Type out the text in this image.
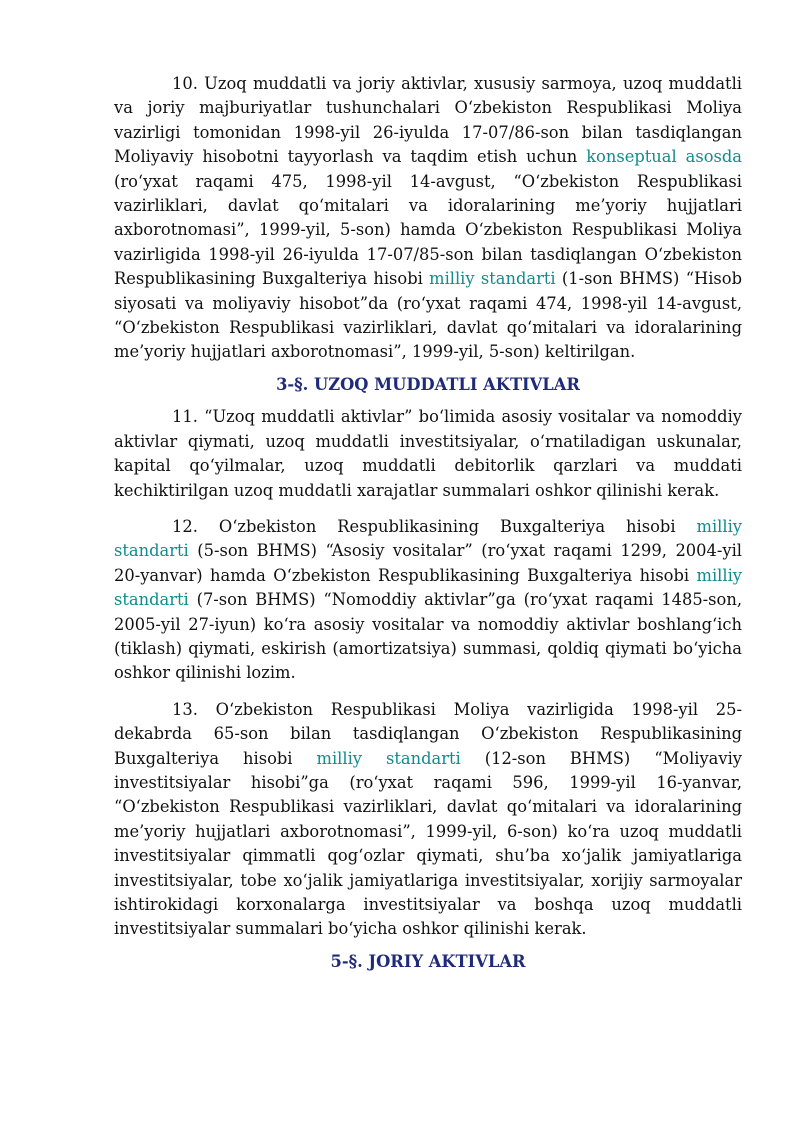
10. Uzoq muddatli va joriy aktivlar, xususiy sarmoya, uzoq muddatli va joriy majburiyatlar tushunchalari O‘zbekiston Respublikasi Moliya vazirligi tomonidan 1998-yil 26-iyulda 17-07/86-son bilan tasdiqlangan Moliyaviy hisobotni tayyorlash va taqdim etish uchun konseptual asosda (ro‘yxat raqami 475, 1998-yil 14-avgust, “O‘zbekiston Respublikasi vazirliklari, davlat qo‘mitalari va idoralarining me’yoriy hujjatlari axborotnomasi”, 1999-yil, 5-son) hamda O‘zbekiston Respublikasi Moliya vazirligida 1998-yil 26-iyulda 17-07/85-son bilan tasdiqlangan O‘zbekiston Respublikasining Buxgalteriya hisobi milliy standarti (1-son BHMS) “Hisob siyosati va moliyaviy hisobot”da (ro‘yxat raqami 474, 1998-yil 14-avgust, “O‘zbekiston Respublikasi vazirliklari, davlat qo‘mitalari va idoralarining me’yoriy hujjatlari axborotnomasi”, 1999-yil, 5-son) keltirilgan.

3-§. UZOQ MUDDATLI AKTIVLAR

11. “Uzoq muddatli aktivlar” bo‘limida asosiy vositalar va nomoddiy aktivlar qiymati, uzoq muddatli investitsiyalar, o‘rnatiladigan uskunalar, kapital qo‘yilmalar, uzoq muddatli debitorlik qarzlari va muddati kechiktirilgan uzoq muddatli xarajatlar summalari oshkor qilinishi kerak.

12. O‘zbekiston Respublikasining Buxgalteriya hisobi milliy standarti (5-son BHMS) “Asosiy vositalar” (ro‘yxat raqami 1299, 2004-yil 20-yanvar) hamda O‘zbekiston Respublikasining Buxgalteriya hisobi milliy standarti (7-son BHMS) “Nomoddiy aktivlar”ga (ro‘yxat raqami 1485-son, 2005-yil 27-iyun) ko‘ra asosiy vositalar va nomoddiy aktivlar boshlang‘ich (tiklash) qiymati, eskirish (amortizatsiya) summasi, qoldiq qiymati bo‘yicha oshkor qilinishi lozim.

13. O‘zbekiston Respublikasi Moliya vazirligida 1998-yil 25-dekabrda 65-son bilan tasdiqlangan O‘zbekiston Respublikasining Buxgalteriya hisobi milliy standarti (12-son BHMS) “Moliyaviy investitsiyalar hisobi”ga (ro‘yxat raqami 596, 1999-yil 16-yanvar, “O‘zbekiston Respublikasi vazirliklari, davlat qo‘mitalari va idoralarining me’yoriy hujjatlari axborotnomasi”, 1999-yil, 6-son) ko‘ra uzoq muddatli investitsiyalar qimmatli qog‘ozlar qiymati, shu’ba xo‘jalik jamiyatlariga investitsiyalar, tobe xo‘jalik jamiyatlariga investitsiyalar, xorijiy sarmoyalar ishtirokidagi korxonalarga investitsiyalar va boshqa uzoq muddatli investitsiyalar summalari bo‘yicha oshkor qilinishi kerak.

5-§. JORIY AKTIVLAR
